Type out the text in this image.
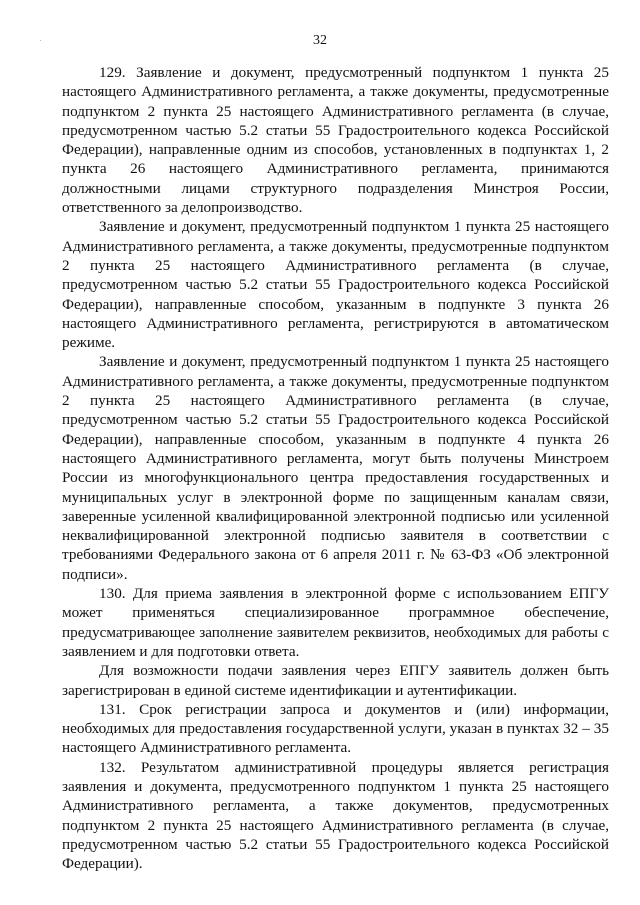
32

129. Заявление и документ, предусмотренный подпунктом 1 пункта 25 настоящего Административного регламента, а также документы, предусмотренные подпунктом 2 пункта 25 настоящего Административного регламента (в случае, предусмотренном частью 5.2 статьи 55 Градостроительного кодекса Российской Федерации), направленные одним из способов, установленных в подпунктах 1, 2 пункта 26 настоящего Административного регламента, принимаются должностными лицами структурного подразделения Минстроя России, ответственного за делопроизводство.

Заявление и документ, предусмотренный подпунктом 1 пункта 25 настоящего Административного регламента, а также документы, предусмотренные подпунктом 2 пункта 25 настоящего Административного регламента (в случае, предусмотренном частью 5.2 статьи 55 Градостроительного кодекса Российской Федерации), направленные способом, указанным в подпункте 3 пункта 26 настоящего Административного регламента, регистрируются в автоматическом режиме.

Заявление и документ, предусмотренный подпунктом 1 пункта 25 настоящего Административного регламента, а также документы, предусмотренные подпунктом 2 пункта 25 настоящего Административного регламента (в случае, предусмотренном частью 5.2 статьи 55 Градостроительного кодекса Российской Федерации), направленные способом, указанным в подпункте 4 пункта 26 настоящего Административного регламента, могут быть получены Минстроем России из многофункционального центра предоставления государственных и муниципальных услуг в электронной форме по защищенным каналам связи, заверенные усиленной квалифицированной электронной подписью или усиленной неквалифицированной электронной подписью заявителя в соответствии с требованиями Федерального закона от 6 апреля 2011 г. № 63-ФЗ «Об электронной подписи».

130. Для приема заявления в электронной форме с использованием ЕПГУ может применяться специализированное программное обеспечение, предусматривающее заполнение заявителем реквизитов, необходимых для работы с заявлением и для подготовки ответа.

Для возможности подачи заявления через ЕПГУ заявитель должен быть зарегистрирован в единой системе идентификации и аутентификации.

131. Срок регистрации запроса и документов и (или) информации, необходимых для предоставления государственной услуги, указан в пунктах 32 – 35 настоящего Административного регламента.

132. Результатом административной процедуры является регистрация заявления и документа, предусмотренного подпунктом 1 пункта 25 настоящего Административного регламента, а также документов, предусмотренных подпунктом 2 пункта 25 настоящего Административного регламента (в случае, предусмотренном частью 5.2 статьи 55 Градостроительного кодекса Российской Федерации).
